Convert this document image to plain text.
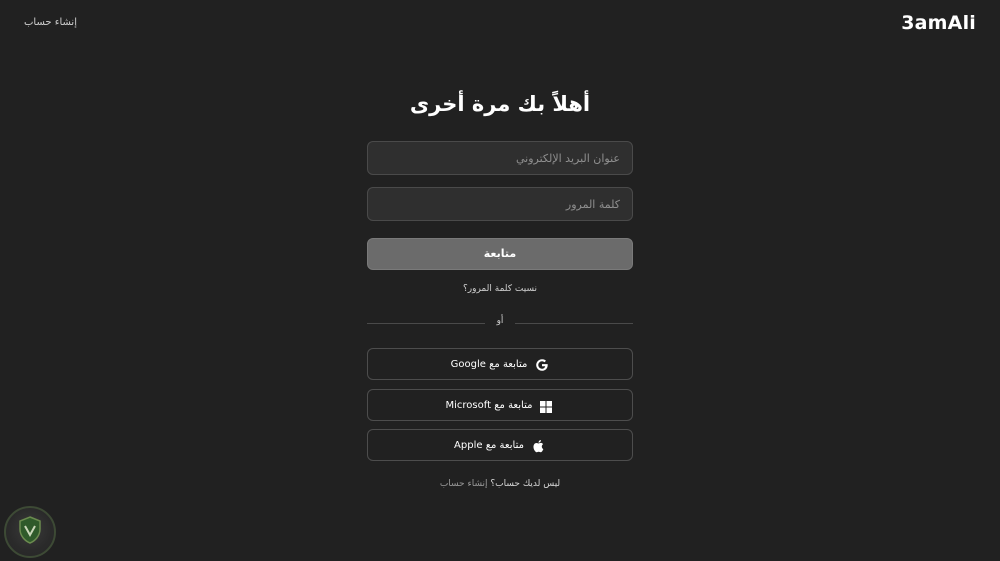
3amAli
إنشاء حساب
أهلاً بك مرة أخرى
عنوان البريد الإلكتروني
متابعة
نسيت كلمة المرور؟
أو
متابعة مع Google
متابعة مع Microsoft
متابعة مع Apple
ليس لديك حساب؟ إنشاء حساب
